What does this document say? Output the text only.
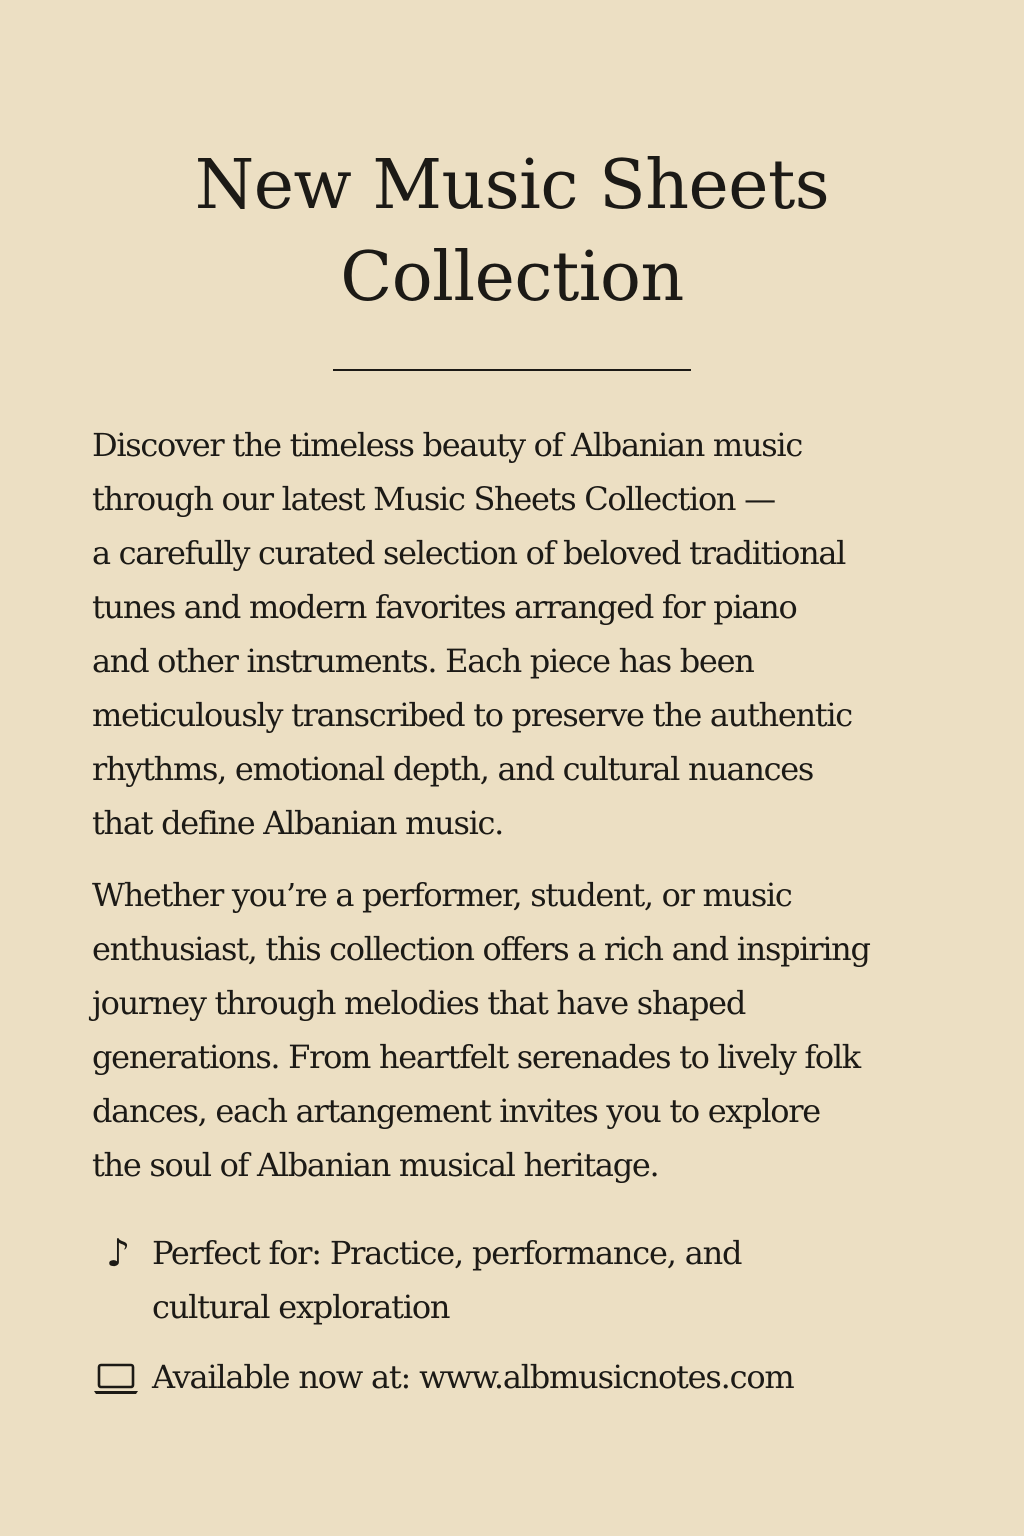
New Music Sheets
Collection

Discover the timeless beauty of Albanian music
through our latest Music Sheets Collection —
a carefully curated selection of beloved traditional
tunes and modern favorites arranged for piano
and other instruments. Each piece has been
meticulously transcribed to preserve the authentic
rhythms, emotional depth, and cultural nuances
that define Albanian music.

Whether you’re a performer, student, or music
enthusiast, this collection offers a rich and inspiring
journey through melodies that have shaped
generations. From heartfelt serenades to lively folk
dances, each artangement invites you to explore
the soul of Albanian musical heritage.

♪ Perfect for: Practice, performance, and
cultural exploration
Available now at: www.albmusicnotes.com
